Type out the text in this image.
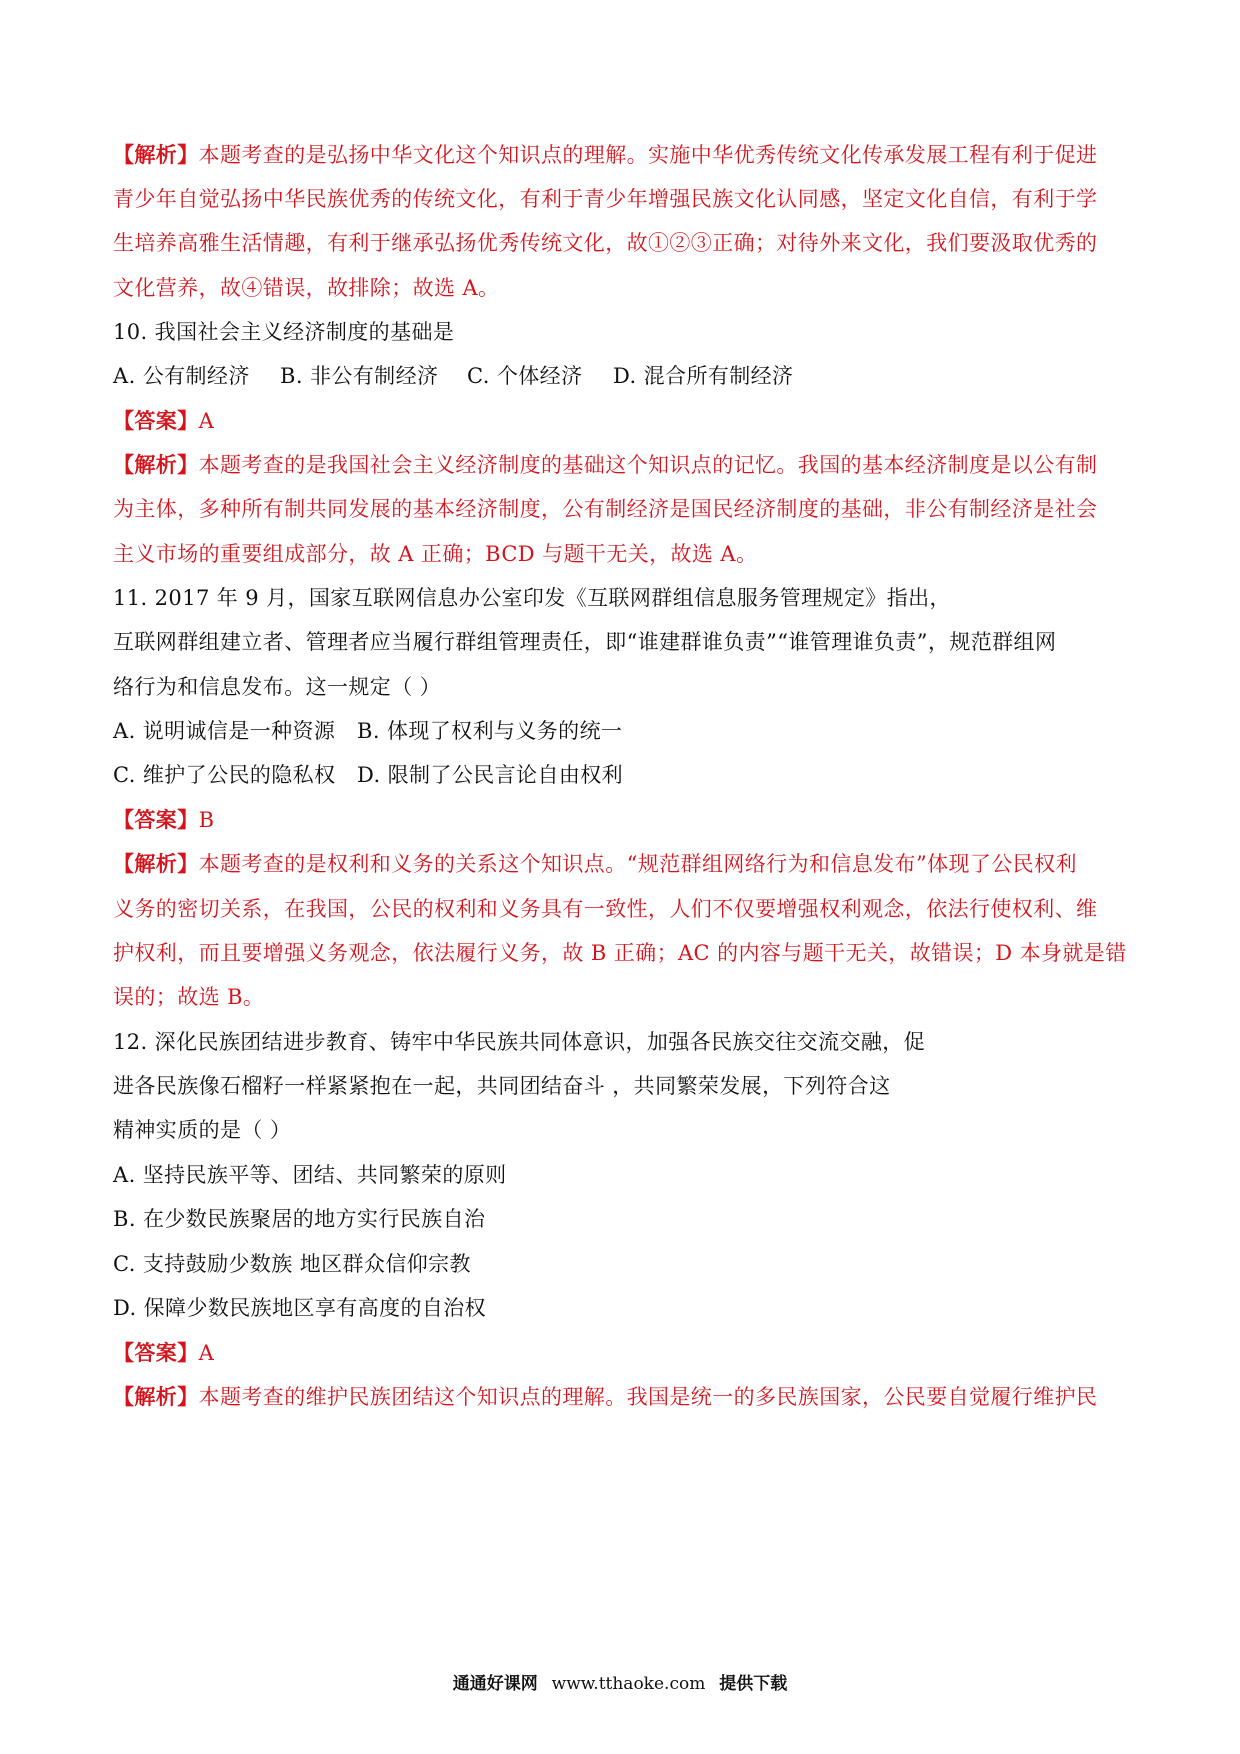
【解析】本题考查的是弘扬中华文化这个知识点的理解。实施中华优秀传统文化传承发展工程有利于促进
青少年自觉弘扬中华民族优秀的传统文化，有利于青少年增强民族文化认同感，坚定文化自信，有利于学
生培养高雅生活情趣，有利于继承弘扬优秀传统文化，故①②③正确；对待外来文化，我们要汲取优秀的
文化营养，故④错误，故排除；故选 A。
10. 我国社会主义经济制度的基础是
A. 公有制经济 B. 非公有制经济 C. 个体经济 D. 混合所有制经济
【答案】A
【解析】本题考查的是我国社会主义经济制度的基础这个知识点的记忆。我国的基本经济制度是以公有制
为主体，多种所有制共同发展的基本经济制度，公有制经济是国民经济制度的基础，非公有制经济是社会
主义市场的重要组成部分，故 A 正确；BCD 与题干无关，故选 A。
11. 2017 年 9 月，国家互联网信息办公室印发《互联网群组信息服务管理规定》指出，
互联网群组建立者、管理者应当履行群组管理责任，即“谁建群谁负责”“谁管理谁负责”，规范群组网
络行为和信息发布。这一规定（ ）
A. 说明诚信是一种资源 B. 体现了权利与义务的统一
C. 维护了公民的隐私权 D. 限制了公民言论自由权利
【答案】B
【解析】本题考查的是权利和义务的关系这个知识点。“规范群组网络行为和信息发布”体现了公民权利
义务的密切关系，在我国，公民的权利和义务具有一致性，人们不仅要增强权利观念，依法行使权利、维
护权利，而且要增强义务观念，依法履行义务，故 B 正确；AC 的内容与题干无关，故错误；D 本身就是错
误的；故选 B。
12. 深化民族团结进步教育、铸牢中华民族共同体意识，加强各民族交往交流交融，促
进各民族像石榴籽一样紧紧抱在一起，共同团结奋斗 ，共同繁荣发展，下列符合这
精神实质的是（ ）
A. 坚持民族平等、团结、共同繁荣的原则
B. 在少数民族聚居的地方实行民族自治
C. 支持鼓励少数族 地区群众信仰宗教
D. 保障少数民族地区享有高度的自治权
【答案】A
【解析】本题考查的维护民族团结这个知识点的理解。我国是统一的多民族国家，公民要自觉履行维护民
通通好课网 www.tthaoke.com 提供下载
